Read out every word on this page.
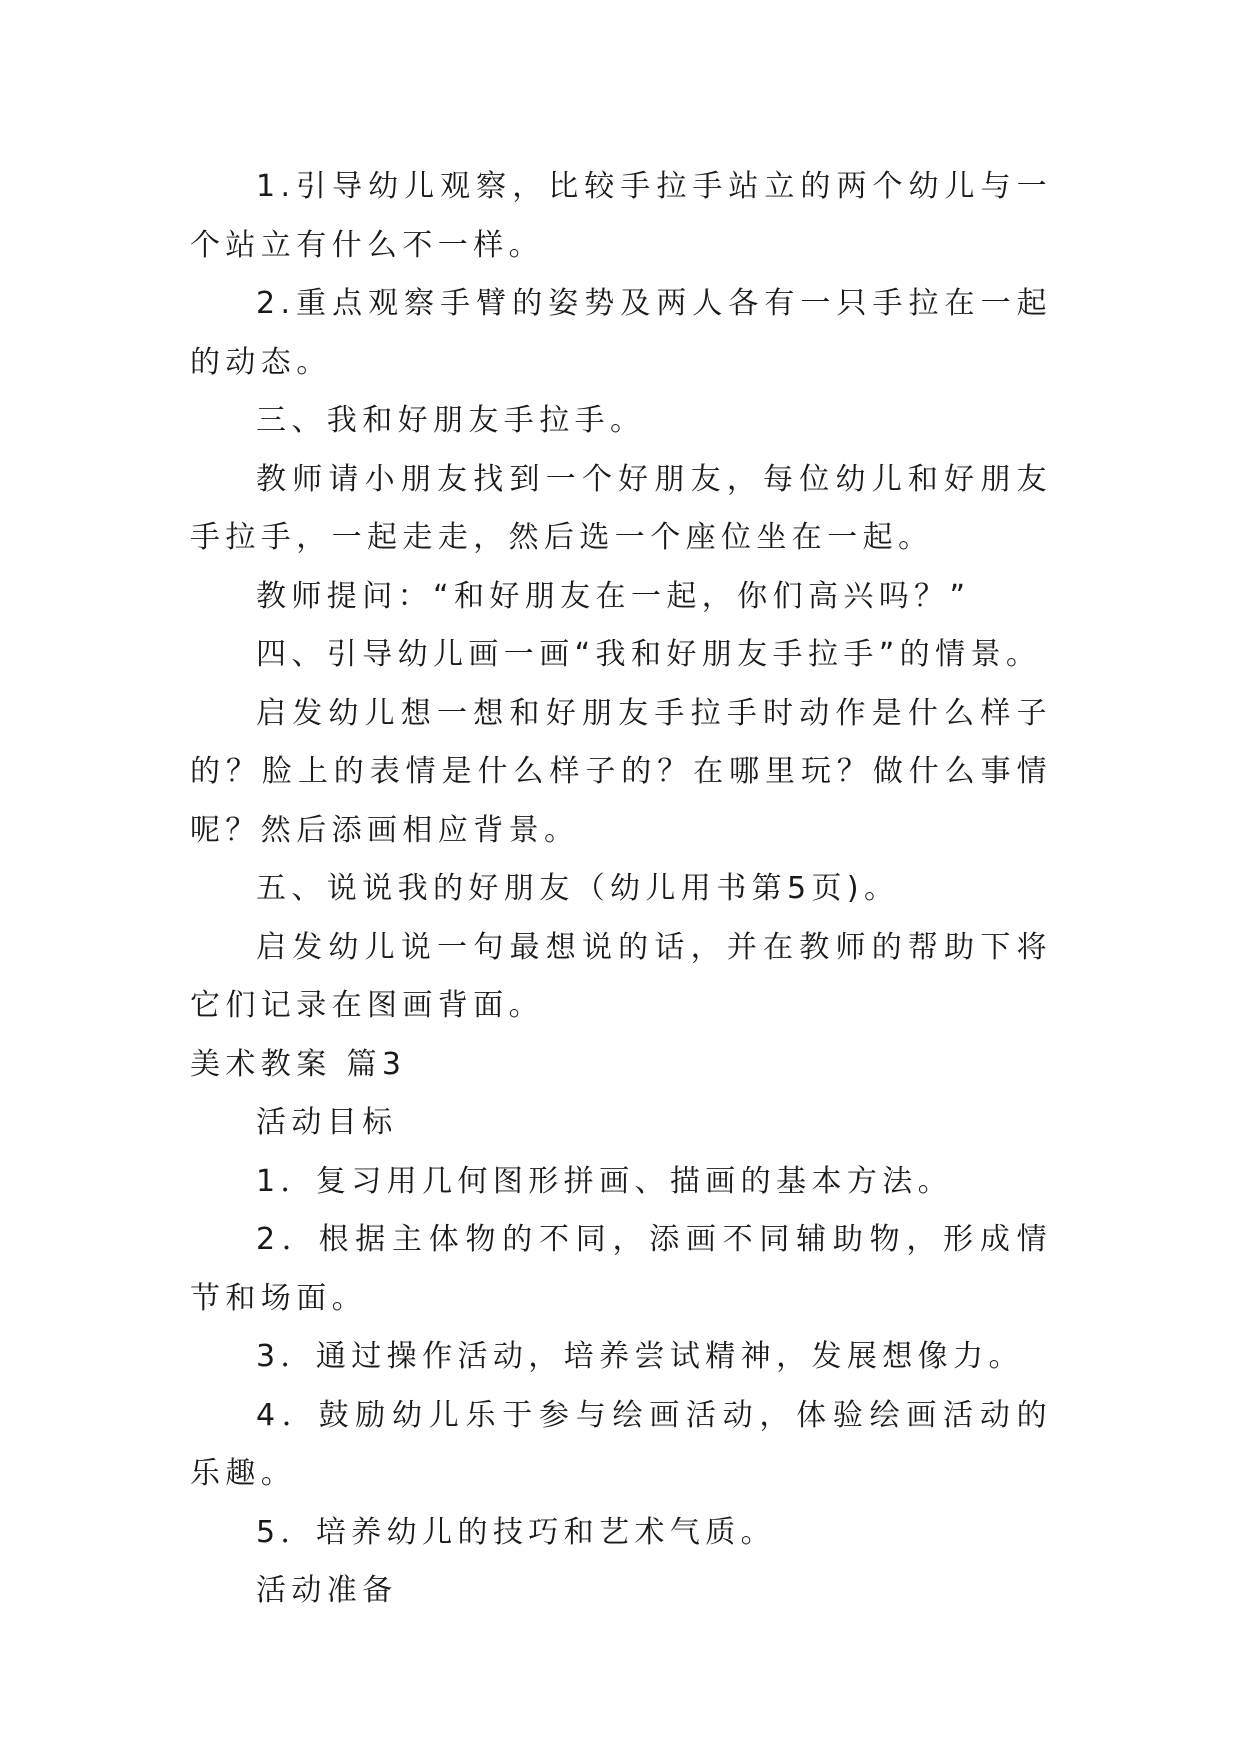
1.引导幼儿观察，比较手拉手站立的两个幼儿与一个站立有什么不一样。

2.重点观察手臂的姿势及两人各有一只手拉在一起的动态。

三、我和好朋友手拉手。

教师请小朋友找到一个好朋友，每位幼儿和好朋友手拉手，一起走走，然后选一个座位坐在一起。

教师提问：“和好朋友在一起，你们高兴吗？”

四、引导幼儿画一画“我和好朋友手拉手”的情景。

启发幼儿想一想和好朋友手拉手时动作是什么样子的？脸上的表情是什么样子的？在哪里玩？做什么事情呢？然后添画相应背景。

五、说说我的好朋友（幼儿用书第5页)。

启发幼儿说一句最想说的话，并在教师的帮助下将它们记录在图画背面。

美术教案 篇3

活动目标

1．复习用几何图形拼画、描画的基本方法。

2．根据主体物的不同，添画不同辅助物，形成情节和场面。

3．通过操作活动，培养尝试精神，发展想像力。

4．鼓励幼儿乐于参与绘画活动，体验绘画活动的乐趣。

5．培养幼儿的技巧和艺术气质。

活动准备
